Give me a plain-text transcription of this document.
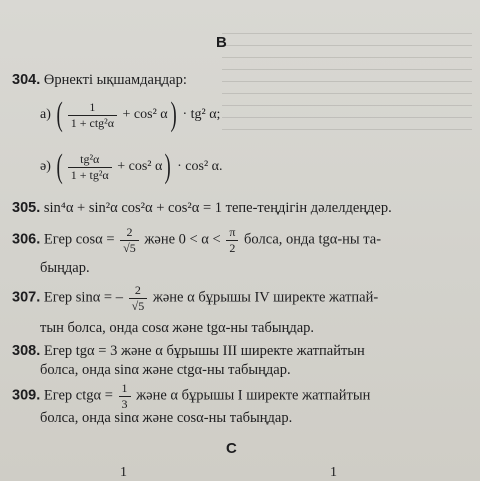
В
304. Өрнекті ықшамдаңдар:
а) ( $\frac{1}{\text{1 + ctg²α}} + \cos^2$ α) · tg² α;
ә) ( $\frac{\text{tg²α}}{\text{1 + tg²α}} + \cos^2$ α) · cos² α.
305. sin⁴α + sin²α cos²α + cos²α = 1 тепе-теңдігін дәлелдеңдер.
306. Егер $\cos\alpha = \frac{2}{√5}$ және $0 < \alpha < \frac{\pi}{2}$ болса, онда tgα-ны та-
быңдар.
307. Егер sinα = – $\frac{2}{√5}$ және α бұрышы IV ширекте жатпай-
тын болса, онда cosα және tgα-ны табыңдар.
308. Егер tgα = 3 және α бұрышы III ширекте жатпайтын
болса, онда sinα және ctgα-ны табыңдар.
309. Егер $ctg\alpha = \frac{1}{3}$ және α бұрышы I ширекте жатпайтын
болса, онда sinα және cosα-ны табыңдар.
С
1	1
